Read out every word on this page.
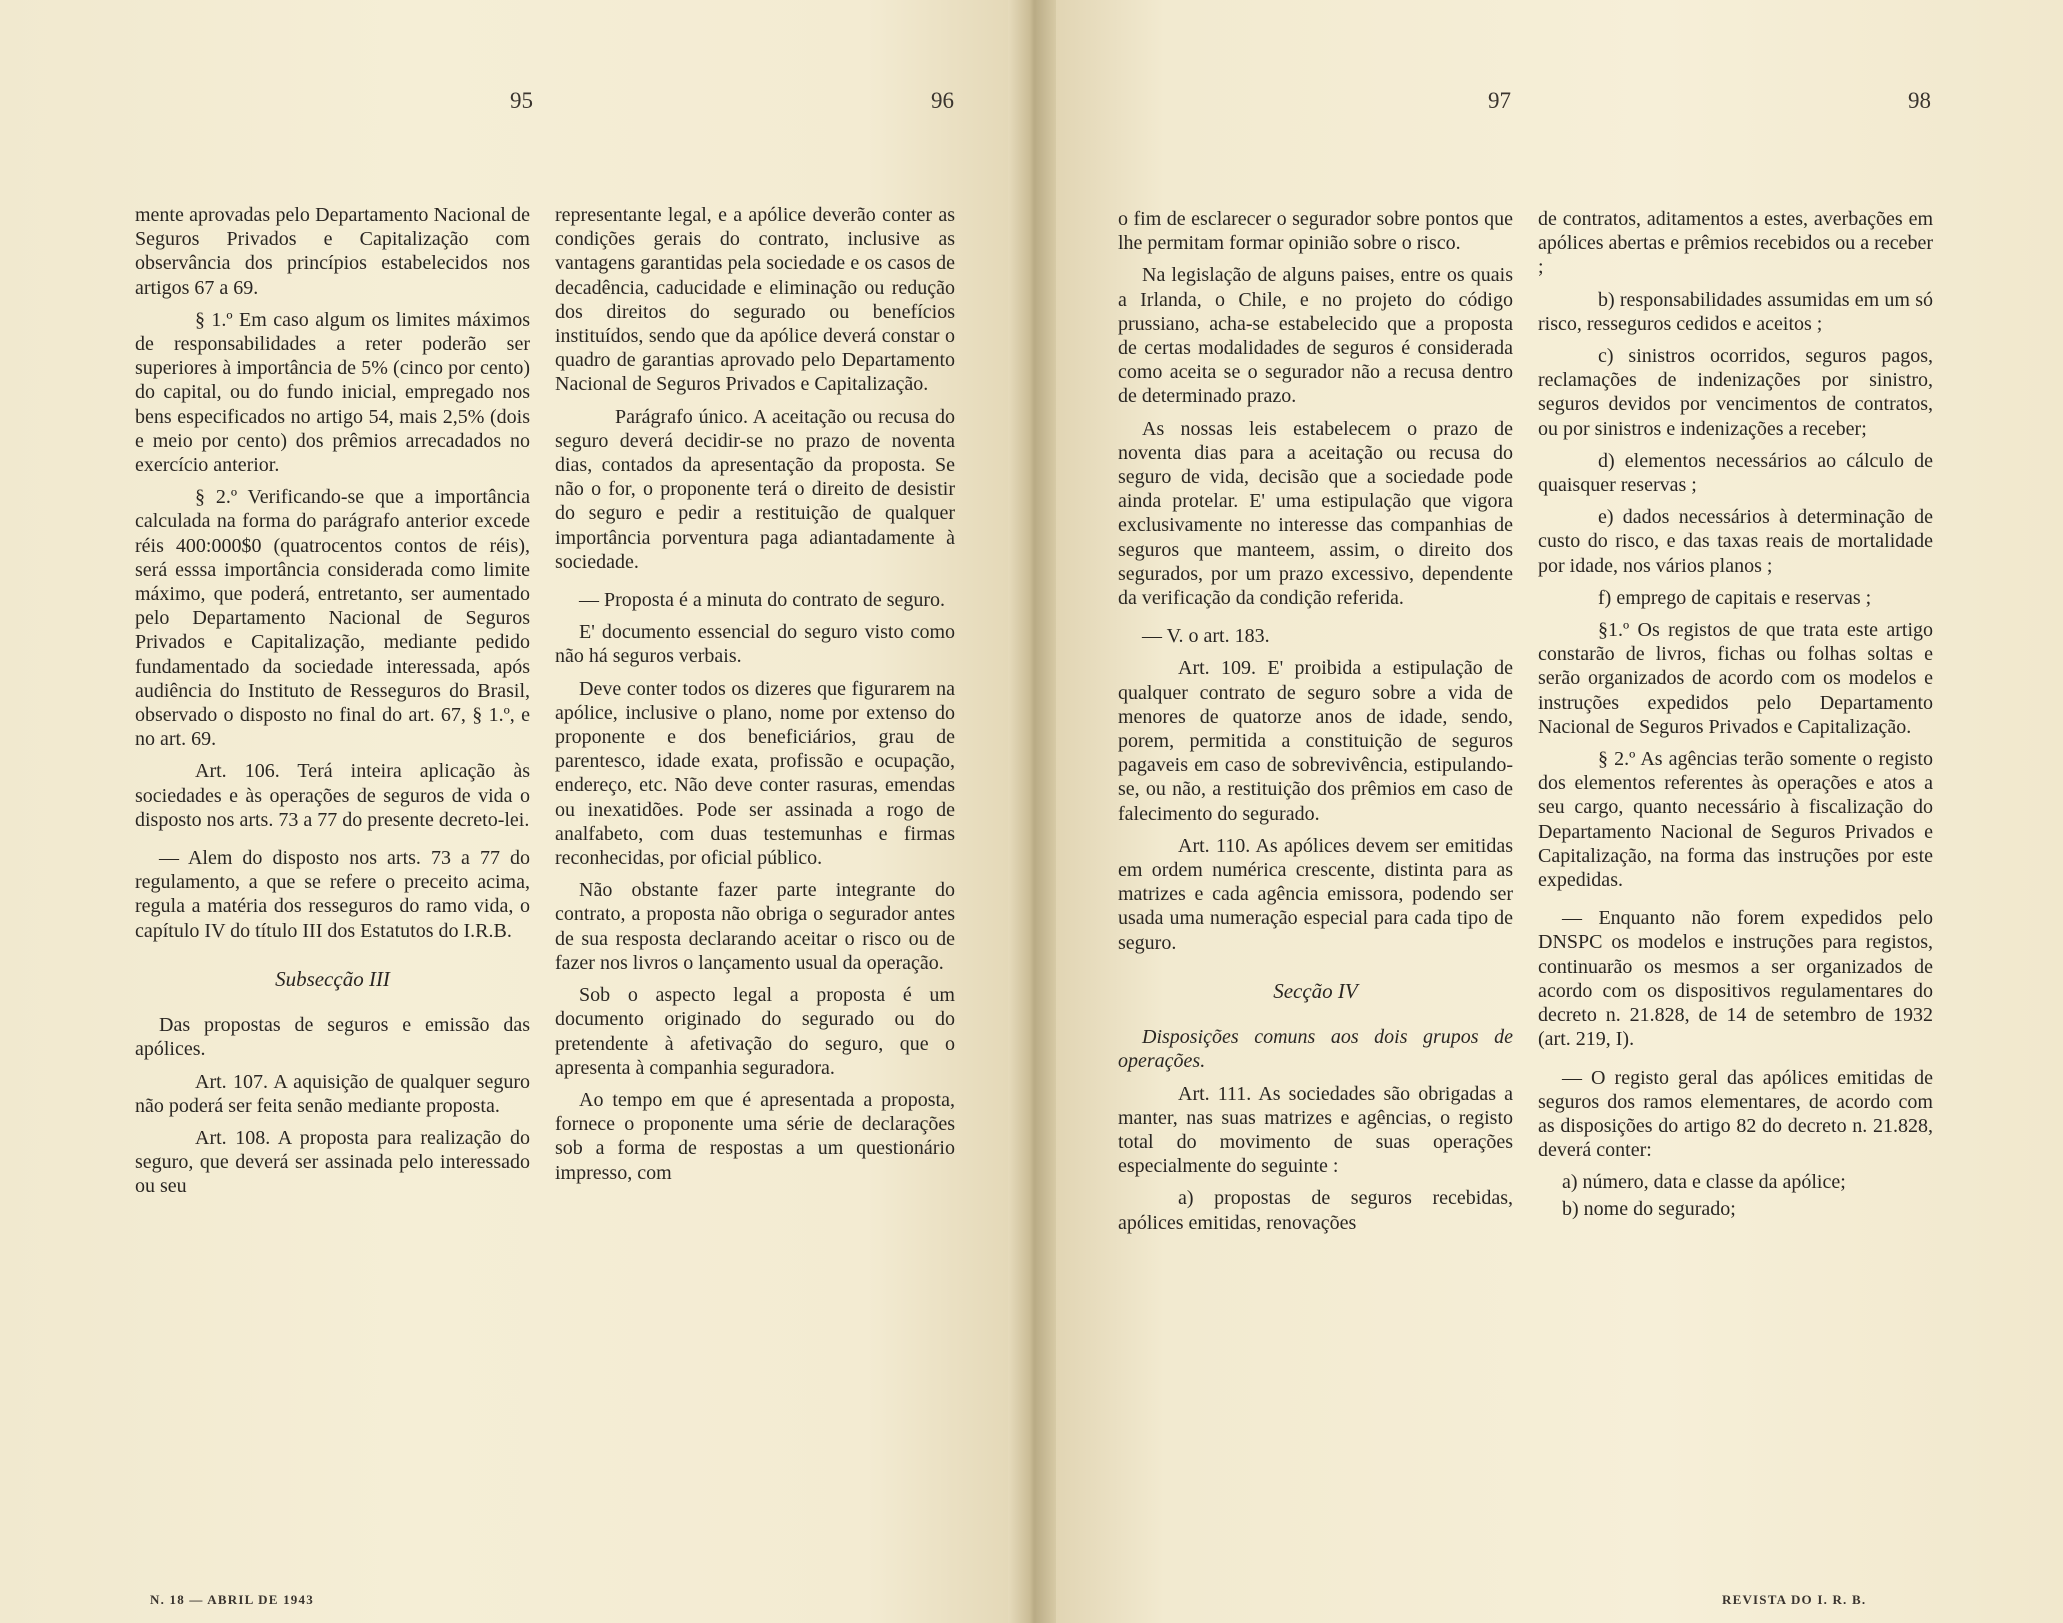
95	96	97	98

mente aprovadas pelo Departamento Nacional de Seguros Privados e Capitalização com observância dos princípios estabelecidos nos artigos 67 a 69.

§ 1.º Em caso algum os limites máximos de responsabilidades a reter poderão ser superiores à importância de 5% (cinco por cento) do capital, ou do fundo inicial, empregado nos bens especificados no artigo 54, mais 2,5% (dois e meio por cento) dos prêmios arrecadados no exercício anterior.

§ 2.º Verificando-se que a importância calculada na forma do parágrafo anterior excede réis 400:000$0 (quatrocentos contos de réis), será esssa importância considerada como limite máximo, que poderá, entretanto, ser aumentado pelo Departamento Nacional de Seguros Privados e Capitalização, mediante pedido fundamentado da sociedade interessada, após audiência do Instituto de Resseguros do Brasil, observado o disposto no final do art. 67, § 1.º, e no art. 69.

Art. 106. Terá inteira aplicação às sociedades e às operações de seguros de vida o disposto nos arts. 73 a 77 do presente decreto-lei.

— Alem do disposto nos arts. 73 a 77 do regulamento, a que se refere o preceito acima, regula a matéria dos resseguros do ramo vida, o capítulo IV do título III dos Estatutos do I.R.B.

Subsecção III

Das propostas de seguros e emissão das apólices.

Art. 107. A aquisição de qualquer seguro não poderá ser feita senão mediante proposta.

Art. 108. A proposta para realização do seguro, que deverá ser assinada pelo interessado ou seu

representante legal, e a apólice deverão conter as condições gerais do contrato, inclusive as vantagens garantidas pela sociedade e os casos de decadência, caducidade e eliminação ou redução dos direitos do segurado ou benefícios instituídos, sendo que da apólice deverá constar o quadro de garantias aprovado pelo Departamento Nacional de Seguros Privados e Capitalização.

Parágrafo único. A aceitação ou recusa do seguro deverá decidir-se no prazo de noventa dias, contados da apresentação da proposta. Se não o for, o proponente terá o direito de desistir do seguro e pedir a restituição de qualquer importância porventura paga adiantadamente à sociedade.

— Proposta é a minuta do contrato de seguro.

E' documento essencial do seguro visto como não há seguros verbais.

Deve conter todos os dizeres que figurarem na apólice, inclusive o plano, nome por extenso do proponente e dos beneficiários, grau de parentesco, idade exata, profissão e ocupação, endereço, etc. Não deve conter rasuras, emendas ou inexatidões. Pode ser assinada a rogo de analfabeto, com duas testemunhas e firmas reconhecidas, por oficial público.

Não obstante fazer parte integrante do contrato, a proposta não obriga o segurador antes de sua resposta declarando aceitar o risco ou de fazer nos livros o lançamento usual da operação.

Sob o aspecto legal a proposta é um documento originado do segurado ou do pretendente à afetivação do seguro, que o apresenta à companhia seguradora.

Ao tempo em que é apresentada a proposta, fornece o proponente uma série de declarações sob a forma de respostas a um questionário impresso, com

o fim de esclarecer o segurador sobre pontos que lhe permitam formar opinião sobre o risco.

Na legislação de alguns paises, entre os quais a Irlanda, o Chile, e no projeto do código prussiano, acha-se estabelecido que a proposta de certas modalidades de seguros é considerada como aceita se o segurador não a recusa dentro de determinado prazo.

As nossas leis estabelecem o prazo de noventa dias para a aceitação ou recusa do seguro de vida, decisão que a sociedade pode ainda protelar. E' uma estipulação que vigora exclusivamente no interesse das companhias de seguros que manteem, assim, o direito dos segurados, por um prazo excessivo, dependente da verificação da condição referida.

— V. o art. 183.

Art. 109. E' proibida a estipulação de qualquer contrato de seguro sobre a vida de menores de quatorze anos de idade, sendo, porem, permitida a constituição de seguros pagaveis em caso de sobrevivência, estipulando-se, ou não, a restituição dos prêmios em caso de falecimento do segurado.

Art. 110. As apólices devem ser emitidas em ordem numérica crescente, distinta para as matrizes e cada agência emissora, podendo ser usada uma numeração especial para cada tipo de seguro.

Secção IV

Disposições comuns aos dois grupos de operações.

Art. 111. As sociedades são obrigadas a manter, nas suas matrizes e agências, o registo total do movimento de suas operações especialmente do seguinte :

a) propostas de seguros recebidas, apólices emitidas, renovações

de contratos, aditamentos a estes, averbações em apólices abertas e prêmios recebidos ou a receber ;

b) responsabilidades assumidas em um só risco, resseguros cedidos e aceitos ;

c) sinistros ocorridos, seguros pagos, reclamações de indenizações por sinistro, seguros devidos por vencimentos de contratos, ou por sinistros e indenizações a receber;

d) elementos necessários ao cálculo de quaisquer reservas ;

e) dados necessários à determinação de custo do risco, e das taxas reais de mortalidade por idade, nos vários planos ;

f) emprego de capitais e reservas ;

§1.º Os registos de que trata este artigo constarão de livros, fichas ou folhas soltas e serão organizados de acordo com os modelos e instruções expedidos pelo Departamento Nacional de Seguros Privados e Capitalização.

§ 2.º As agências terão somente o registo dos elementos referentes às operações e atos a seu cargo, quanto necessário à fiscalização do Departamento Nacional de Seguros Privados e Capitalização, na forma das instruções por este expedidas.

— Enquanto não forem expedidos pelo DNSPC os modelos e instruções para registos, continuarão os mesmos a ser organizados de acordo com os dispositivos regulamentares do decreto n. 21.828, de 14 de setembro de 1932 (art. 219, I).

— O registo geral das apólices emitidas de seguros dos ramos elementares, de acordo com as disposições do artigo 82 do decreto n. 21.828, deverá conter:

a) número, data e classe da apólice;

b) nome do segurado;

N. 18 — ABRIL DE 1943	REVISTA DO I. R. B.
